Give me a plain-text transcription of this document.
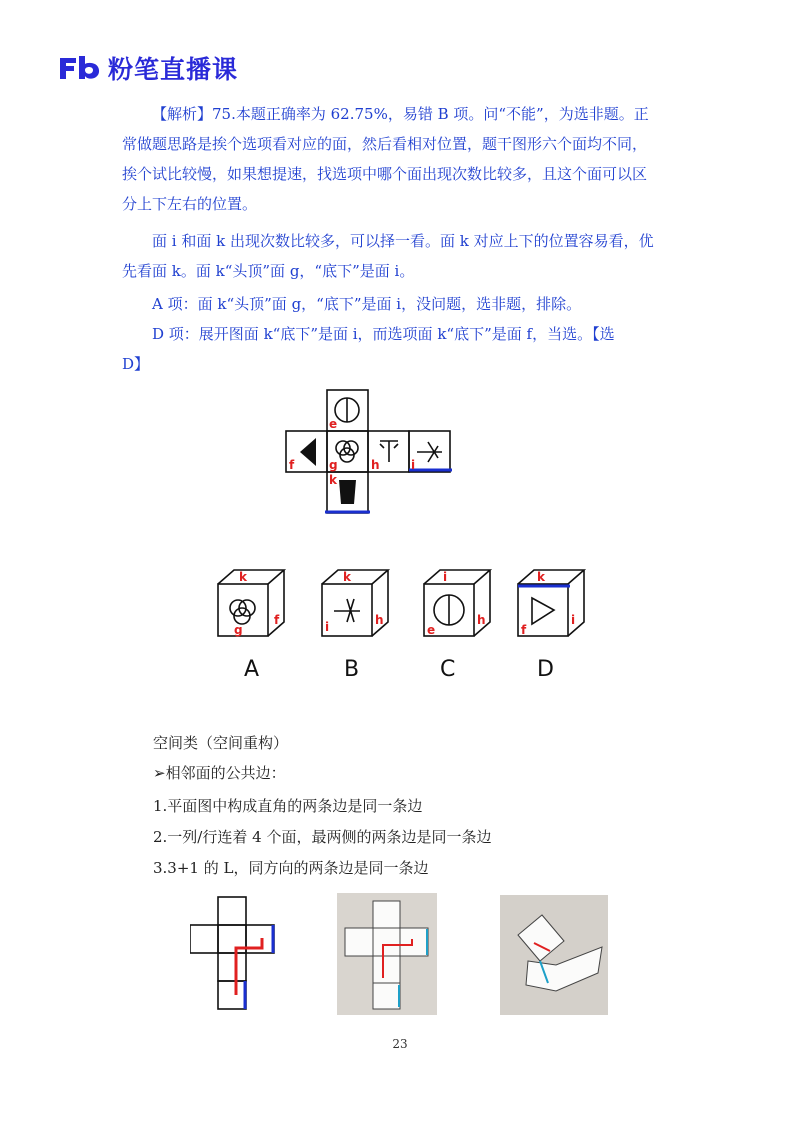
粉笔直播课
【解析】75.本题正确率为 62.75%，易错 B 项。问“不能”，为选非题。正
常做题思路是挨个选项看对应的面，然后看相对位置，题干图形六个面均不同，
挨个试比较慢，如果想提速，找选项中哪个面出现次数比较多，且这个面可以区
分上下左右的位置。
面 i 和面 k 出现次数比较多，可以择一看。面 k 对应上下的位置容易看，优
先看面 k。面 k“头顶”面 g，“底下”是面 i。
A 项：面 k“头顶”面 g，“底下”是面 i，没问题，选非题，排除。
D 项：展开图面 k“底下”是面 i，而选项面 k“底下”是面 f，当选。【选
D】
e
f	g	h	i
k
k
g
f
k
i	h
i
e
h
k
f
i
A	B	C	D
空间类（空间重构）
➢相邻面的公共边：
1.平面图中构成直角的两条边是同一条边
2.一列/行连着 4 个面，最两侧的两条边是同一条边
3.3+1 的 L，同方向的两条边是同一条边
23
